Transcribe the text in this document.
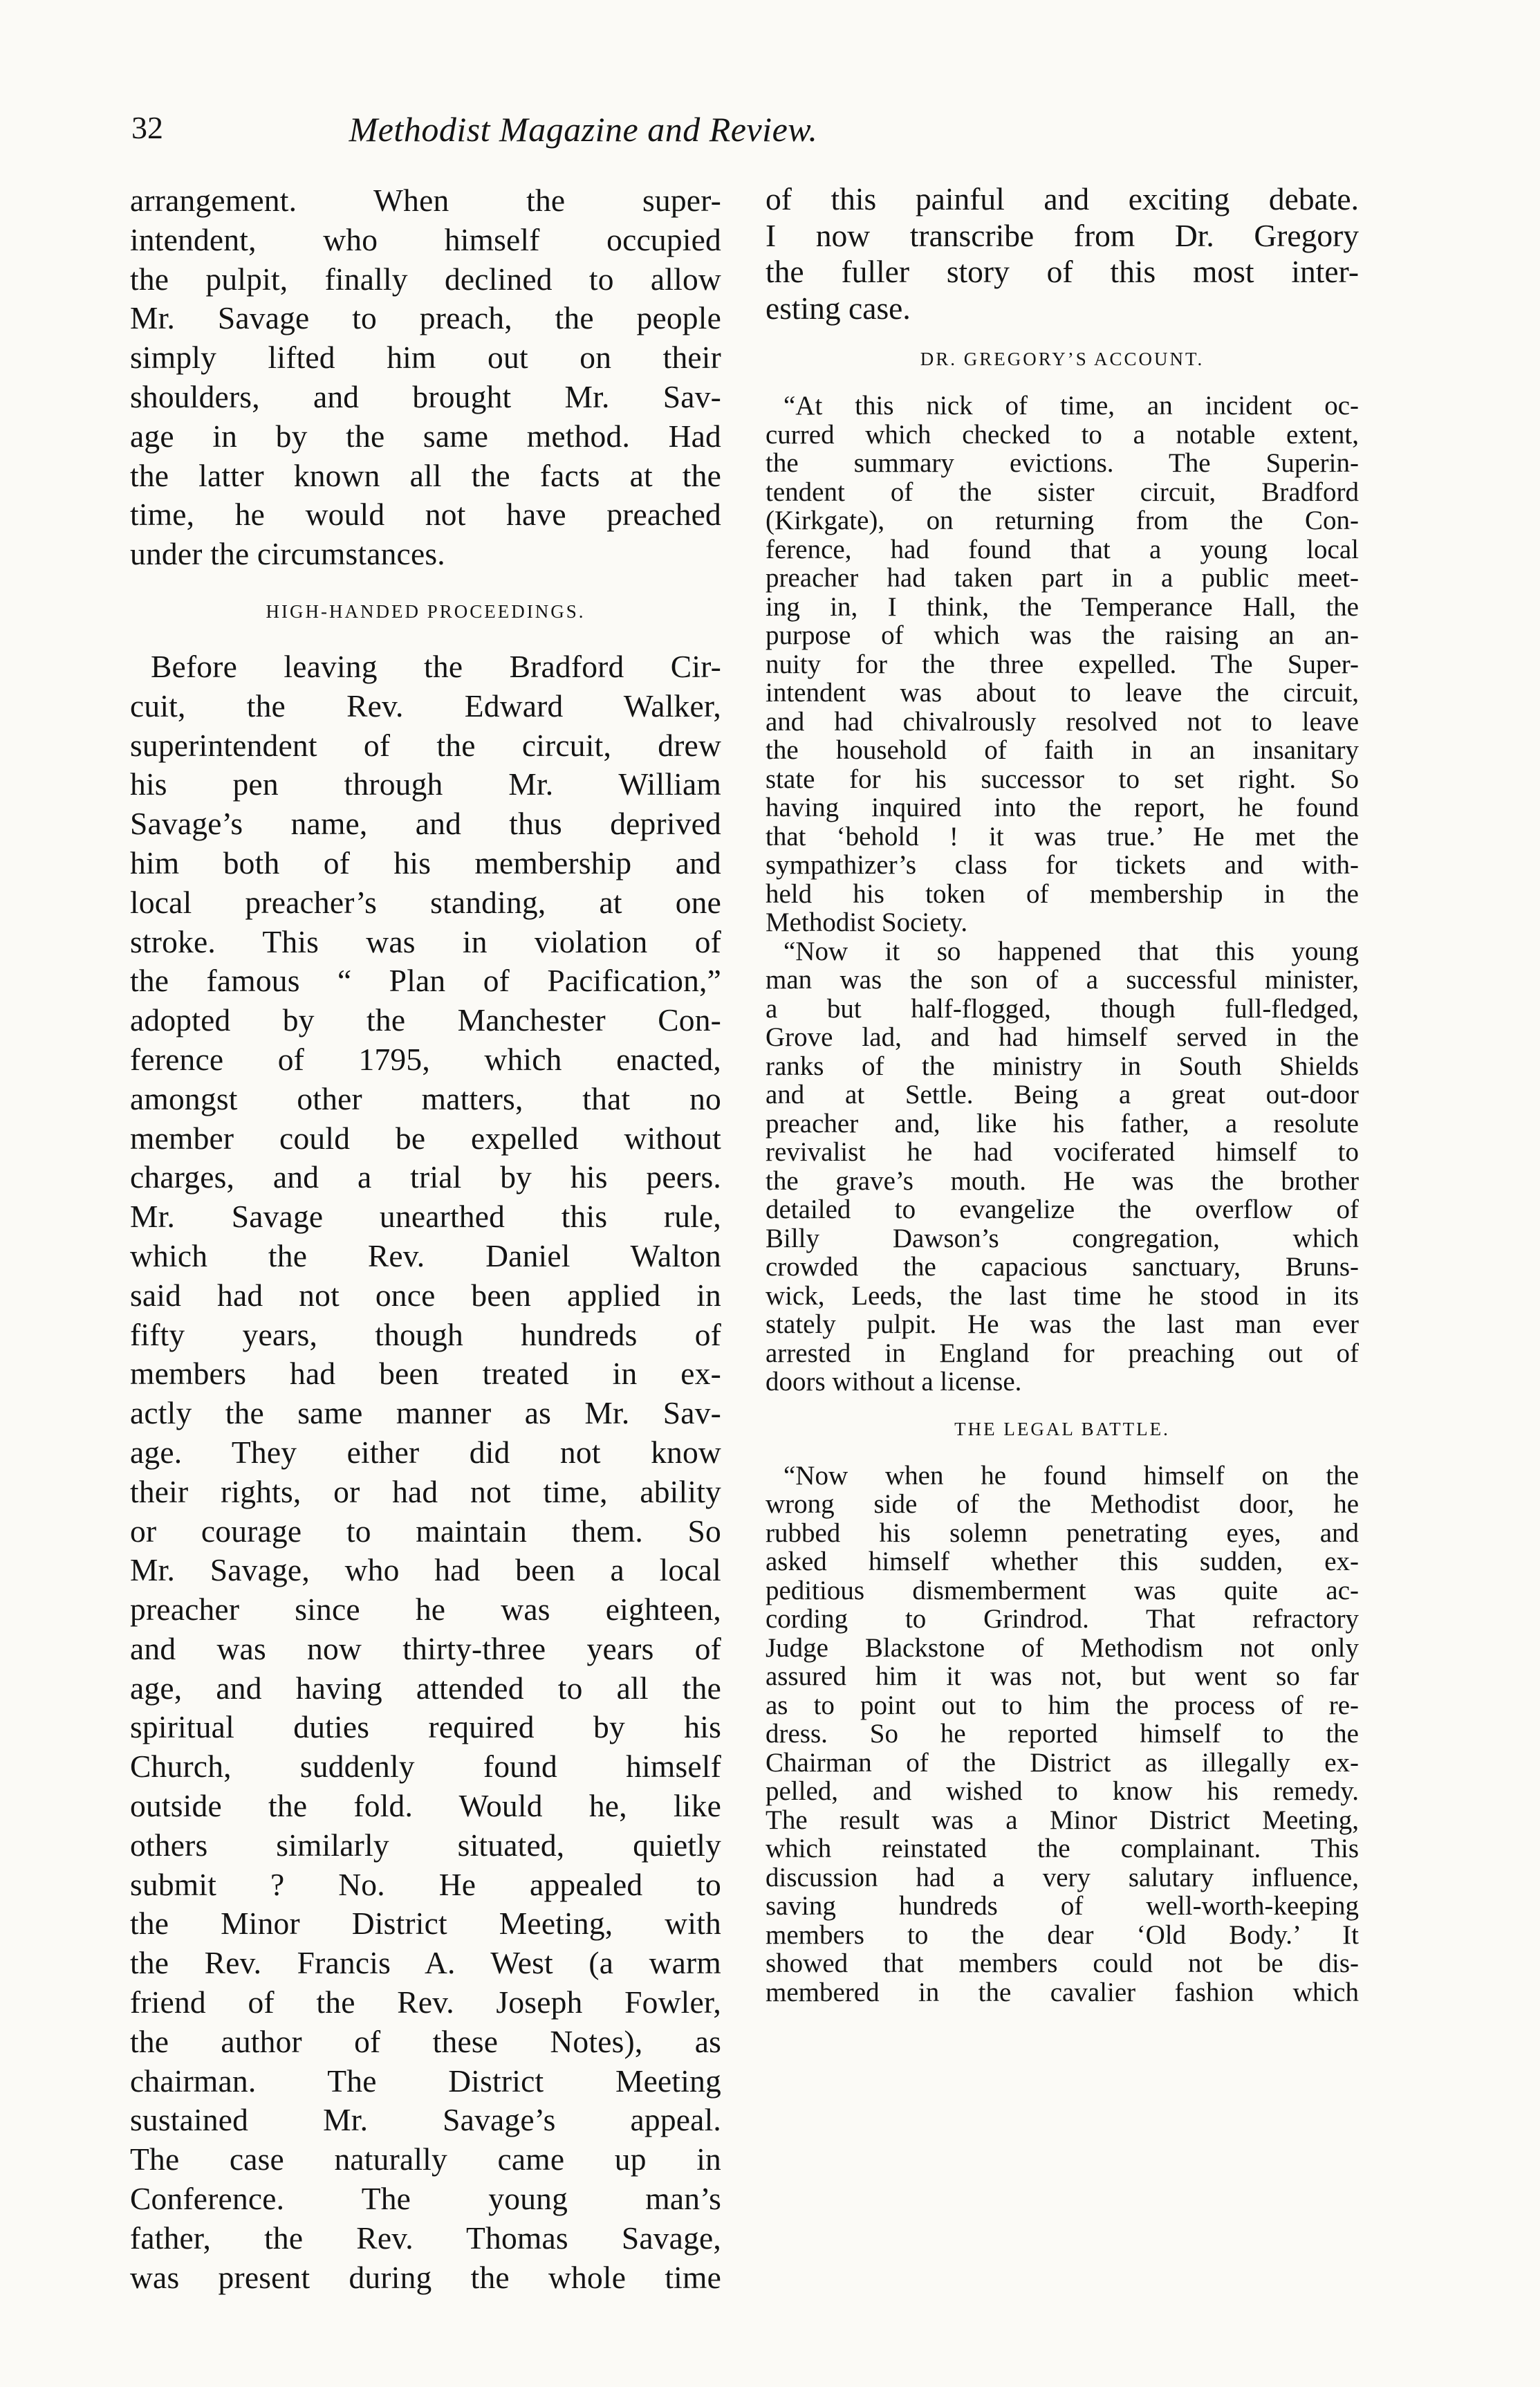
32	Methodist Magazine and Review.
arrangement. When the super-
intendent, who himself occupied
the pulpit, finally declined to allow
Mr. Savage to preach, the people
simply lifted him out on their
shoulders, and brought Mr. Sav-
age in by the same method. Had
the latter known all the facts at the
time, he would not have preached
under the circumstances.
HIGH-HANDED PROCEEDINGS.
Before leaving the Bradford Cir-
cuit, the Rev. Edward Walker,
superintendent of the circuit, drew
his pen through Mr. William
Savage’s name, and thus deprived
him both of his membership and
local preacher’s standing, at one
stroke. This was in violation of
the famous “ Plan of Pacification,”
adopted by the Manchester Con-
ference of 1795, which enacted,
amongst other matters, that no
member could be expelled without
charges, and a trial by his peers.
Mr. Savage unearthed this rule,
which the Rev. Daniel Walton
said had not once been applied in
fifty years, though hundreds of
members had been treated in ex-
actly the same manner as Mr. Sav-
age. They either did not know
their rights, or had not time, ability
or courage to maintain them. So
Mr. Savage, who had been a local
preacher since he was eighteen,
and was now thirty-three years of
age, and having attended to all the
spiritual duties required by his
Church, suddenly found himself
outside the fold. Would he, like
others similarly situated, quietly
submit ? No. He appealed to
the Minor District Meeting, with
the Rev. Francis A. West (a warm
friend of the Rev. Joseph Fowler,
the author of these Notes), as
chairman. The District Meeting
sustained Mr. Savage’s appeal.
The case naturally came up in
Conference. The young man’s
father, the Rev. Thomas Savage,
was present during the whole time
of this painful and exciting debate.
I now transcribe from Dr. Gregory
the fuller story of this most inter-
esting case.
DR. GREGORY’S ACCOUNT.
“At this nick of time, an incident oc-
curred which checked to a notable extent,
the summary evictions. The Superin-
tendent of the sister circuit, Bradford
(Kirkgate), on returning from the Con-
ference, had found that a young local
preacher had taken part in a public meet-
ing in, I think, the Temperance Hall, the
purpose of which was the raising an an-
nuity for the three expelled. The Super-
intendent was about to leave the circuit,
and had chivalrously resolved not to leave
the household of faith in an insanitary
state for his successor to set right. So
having inquired into the report, he found
that ‘behold ! it was true.’ He met the
sympathizer’s class for tickets and with-
held his token of membership in the
Methodist Society.
“Now it so happened that this young
man was the son of a successful minister,
a but half-flogged, though full-fledged,
Grove lad, and had himself served in the
ranks of the ministry in South Shields
and at Settle. Being a great out-door
preacher and, like his father, a resolute
revivalist he had vociferated himself to
the grave’s mouth. He was the brother
detailed to evangelize the overflow of
Billy Dawson’s congregation, which
crowded the capacious sanctuary, Bruns-
wick, Leeds, the last time he stood in its
stately pulpit. He was the last man ever
arrested in England for preaching out of
doors without a license.
THE LEGAL BATTLE.
“Now when he found himself on the
wrong side of the Methodist door, he
rubbed his solemn penetrating eyes, and
asked himself whether this sudden, ex-
peditious dismemberment was quite ac-
cording to Grindrod. That refractory
Judge Blackstone of Methodism not only
assured him it was not, but went so far
as to point out to him the process of re-
dress. So he reported himself to the
Chairman of the District as illegally ex-
pelled, and wished to know his remedy.
The result was a Minor District Meeting,
which reinstated the complainant. This
discussion had a very salutary influence,
saving hundreds of well-worth-keeping
members to the dear ‘Old Body.’ It
showed that members could not be dis-
membered in the cavalier fashion which
